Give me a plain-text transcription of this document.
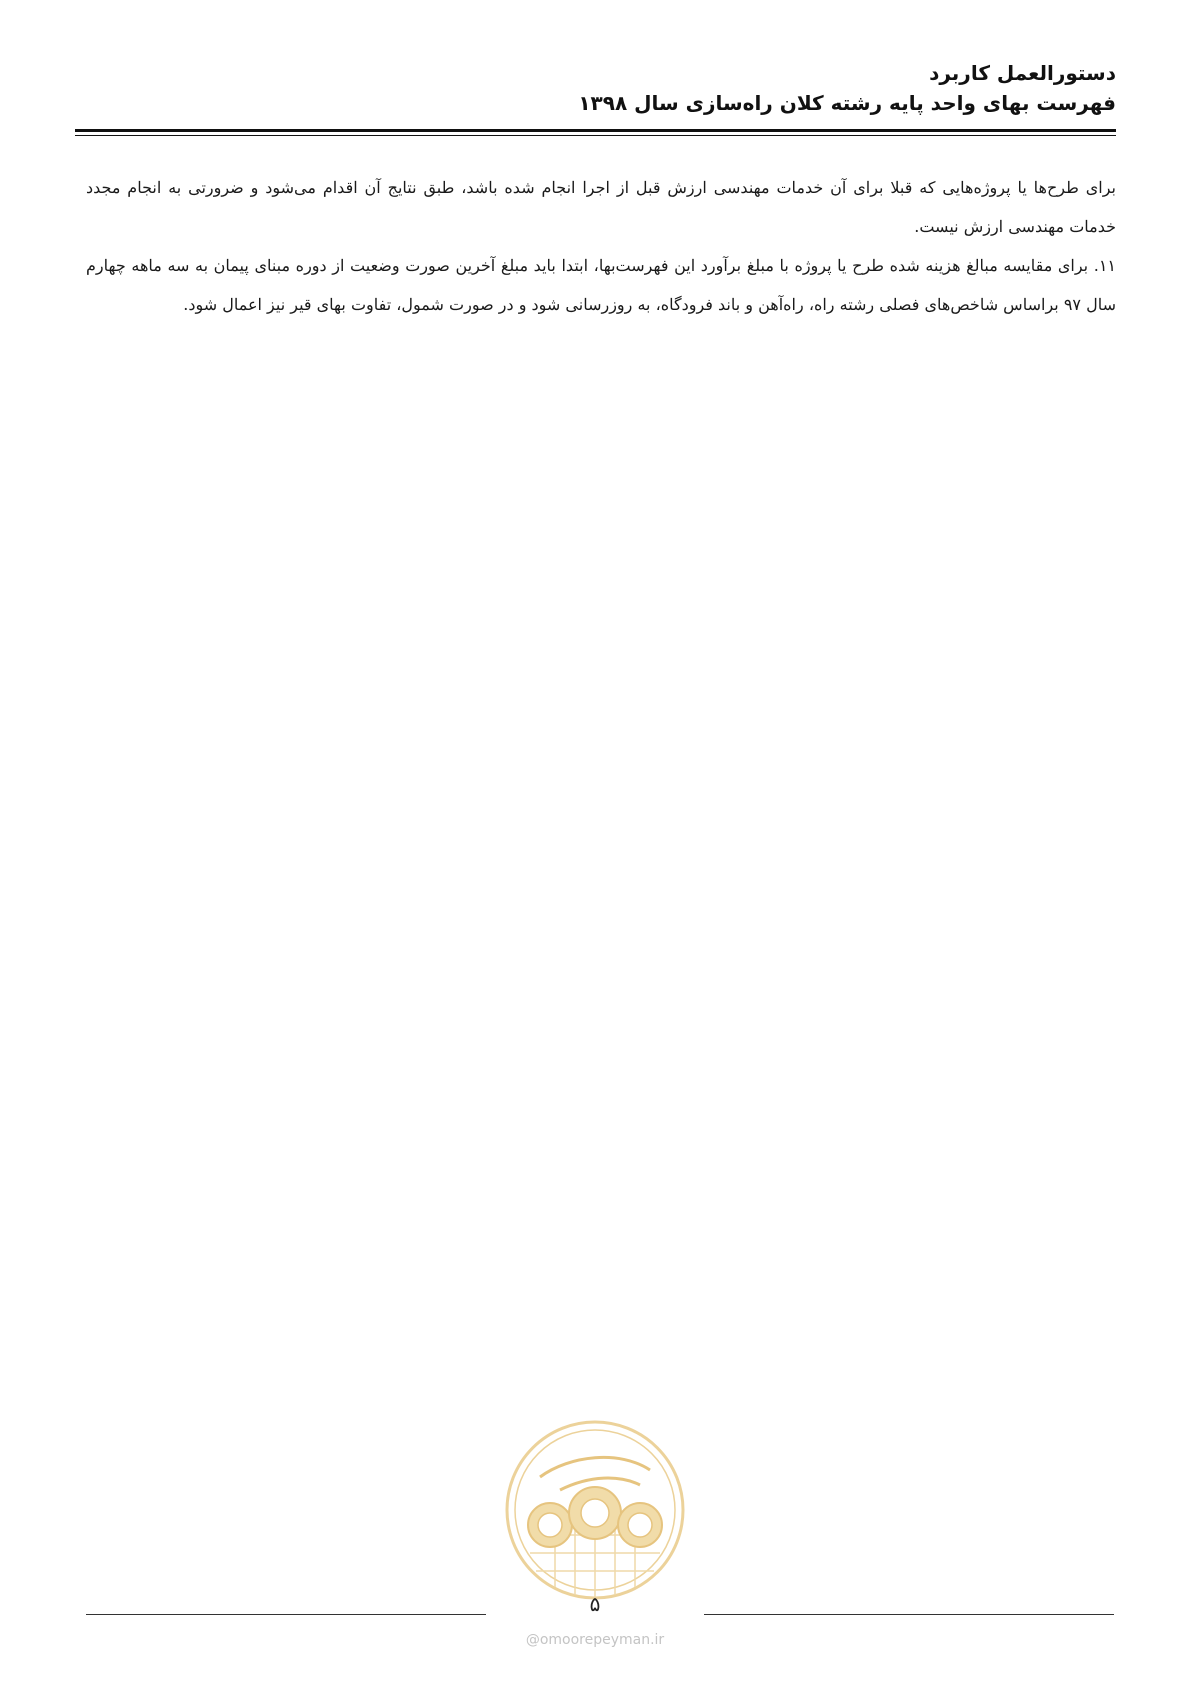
دستورالعمل کاربرد
فهرست بهای واحد پایه رشته کلان راه‌سازی سال ۱۳۹۸

برای طرح‌ها یا پروژه‌هایی که قبلا برای آن خدمات مهندسی ارزش قبل از اجرا انجام شده باشد، طبق نتایج آن اقدام می‌شود و ضرورتی به انجام مجدد خدمات مهندسی ارزش نیست.

۱۱. برای مقایسه مبالغ هزینه شده طرح یا پروژه با مبلغ برآورد این فهرست‌بها، ابتدا باید مبلغ آخرین صورت وضعیت از دوره مبنای پیمان به سه ماهه چهارم سال ۹۷ براساس شاخص‌های فصلی رشته راه، راه‌آهن و باند فرودگاه، به روزرسانی شود و در صورت شمول، تفاوت بهای قیر نیز اعمال شود.

۵
@omoorepeyman.ir
